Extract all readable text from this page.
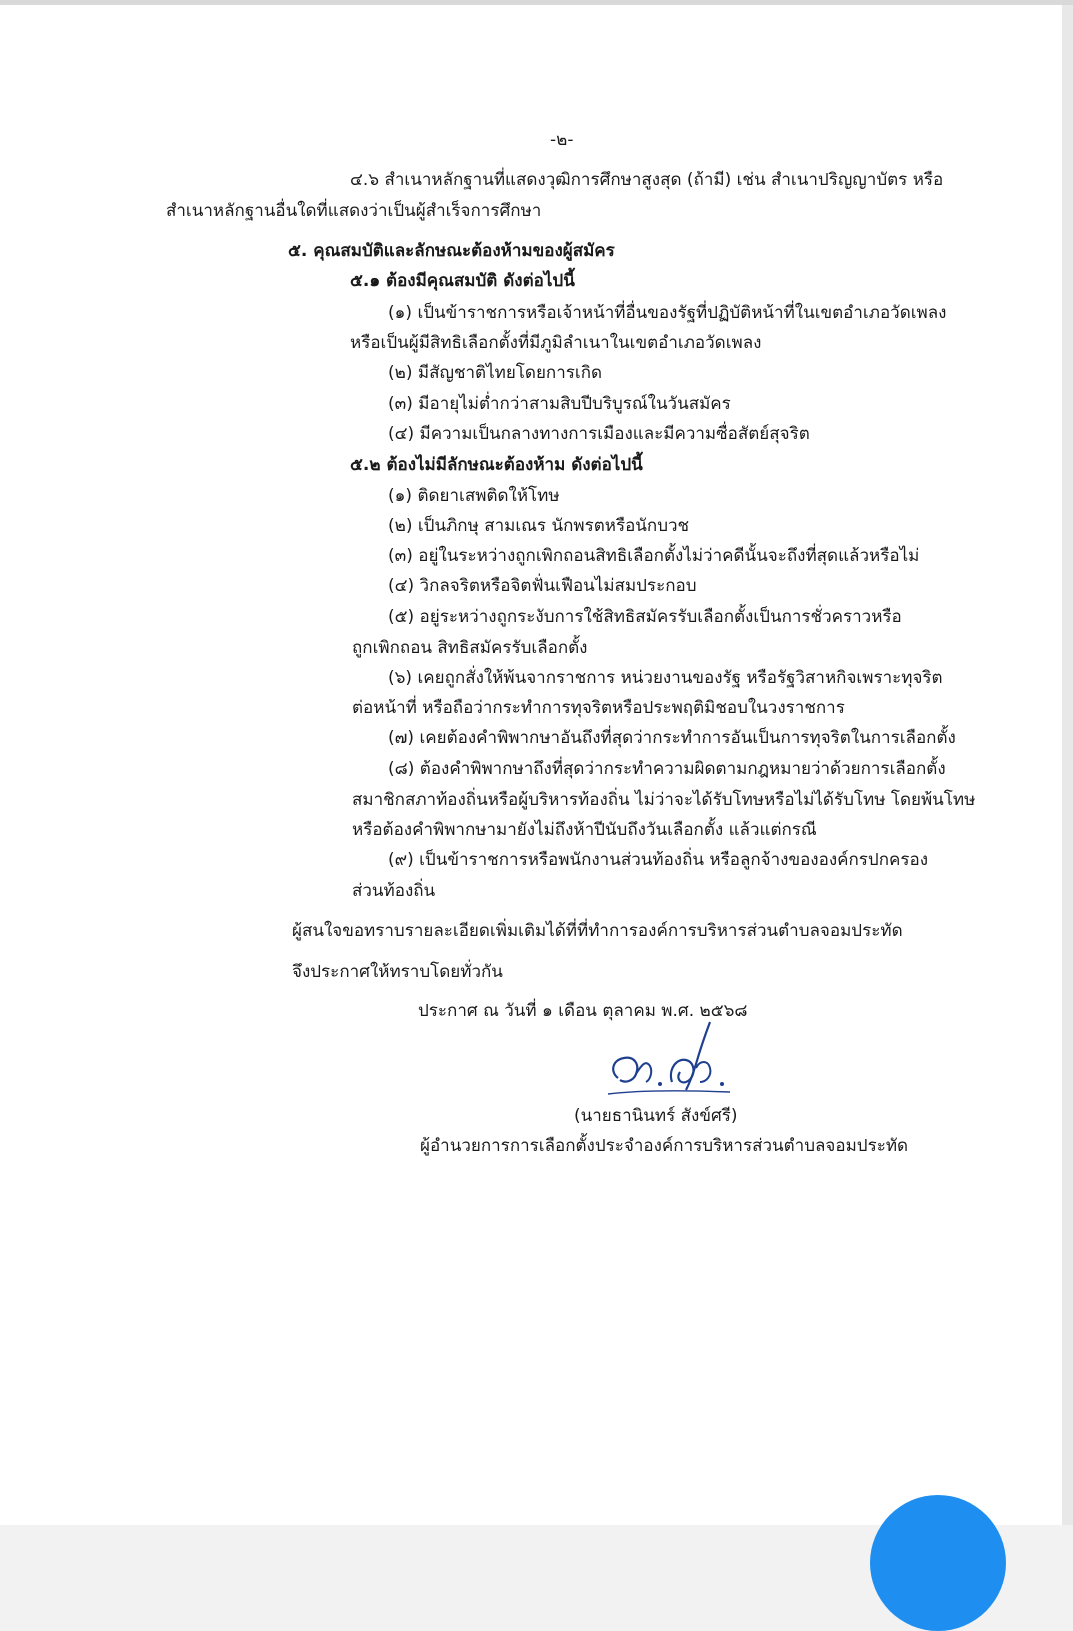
-๒-
๔.๖ สำเนาหลักฐานที่แสดงวุฒิการศึกษาสูงสุด (ถ้ามี) เช่น สำเนาปริญญาบัตร หรือ
สำเนาหลักฐานอื่นใดที่แสดงว่าเป็นผู้สำเร็จการศึกษา
๕. คุณสมบัติและลักษณะต้องห้ามของผู้สมัคร
๕.๑ ต้องมีคุณสมบัติ ดังต่อไปนี้
(๑) เป็นข้าราชการหรือเจ้าหน้าที่อื่นของรัฐที่ปฏิบัติหน้าที่ในเขตอำเภอวัดเพลง
หรือเป็นผู้มีสิทธิเลือกตั้งที่มีภูมิลำเนาในเขตอำเภอวัดเพลง
(๒) มีสัญชาติไทยโดยการเกิด
(๓) มีอายุไม่ต่ำกว่าสามสิบปีบริบูรณ์ในวันสมัคร
(๔) มีความเป็นกลางทางการเมืองและมีความซื่อสัตย์สุจริต
๕.๒ ต้องไม่มีลักษณะต้องห้าม ดังต่อไปนี้
(๑) ติดยาเสพติดให้โทษ
(๒) เป็นภิกษุ สามเณร นักพรตหรือนักบวช
(๓) อยู่ในระหว่างถูกเพิกถอนสิทธิเลือกตั้งไม่ว่าคดีนั้นจะถึงที่สุดแล้วหรือไม่
(๔) วิกลจริตหรือจิตฟั่นเฟือนไม่สมประกอบ
(๕) อยู่ระหว่างถูกระงับการใช้สิทธิสมัครรับเลือกตั้งเป็นการชั่วคราวหรือ
ถูกเพิกถอน สิทธิสมัครรับเลือกตั้ง
(๖) เคยถูกสั่งให้พ้นจากราชการ หน่วยงานของรัฐ หรือรัฐวิสาหกิจเพราะทุจริต
ต่อหน้าที่ หรือถือว่ากระทำการทุจริตหรือประพฤติมิชอบในวงราชการ
(๗) เคยต้องคำพิพากษาอันถึงที่สุดว่ากระทำการอันเป็นการทุจริตในการเลือกตั้ง
(๘) ต้องคำพิพากษาถึงที่สุดว่ากระทำความผิดตามกฎหมายว่าด้วยการเลือกตั้ง
สมาชิกสภาท้องถิ่นหรือผู้บริหารท้องถิ่น ไม่ว่าจะได้รับโทษหรือไม่ได้รับโทษ โดยพ้นโทษ
หรือต้องคำพิพากษามายังไม่ถึงห้าปีนับถึงวันเลือกตั้ง แล้วแต่กรณี
(๙) เป็นข้าราชการหรือพนักงานส่วนท้องถิ่น หรือลูกจ้างขององค์กรปกครอง
ส่วนท้องถิ่น
ผู้สนใจขอทราบรายละเอียดเพิ่มเติมได้ที่ที่ทำการองค์การบริหารส่วนตำบลจอมประทัด
จึงประกาศให้ทราบโดยทั่วกัน
ประกาศ ณ วันที่ ๑ เดือน ตุลาคม พ.ศ. ๒๕๖๘
(นายธานินทร์ สังข์ศรี)
ผู้อำนวยการการเลือกตั้งประจำองค์การบริหารส่วนตำบลจอมประทัด
